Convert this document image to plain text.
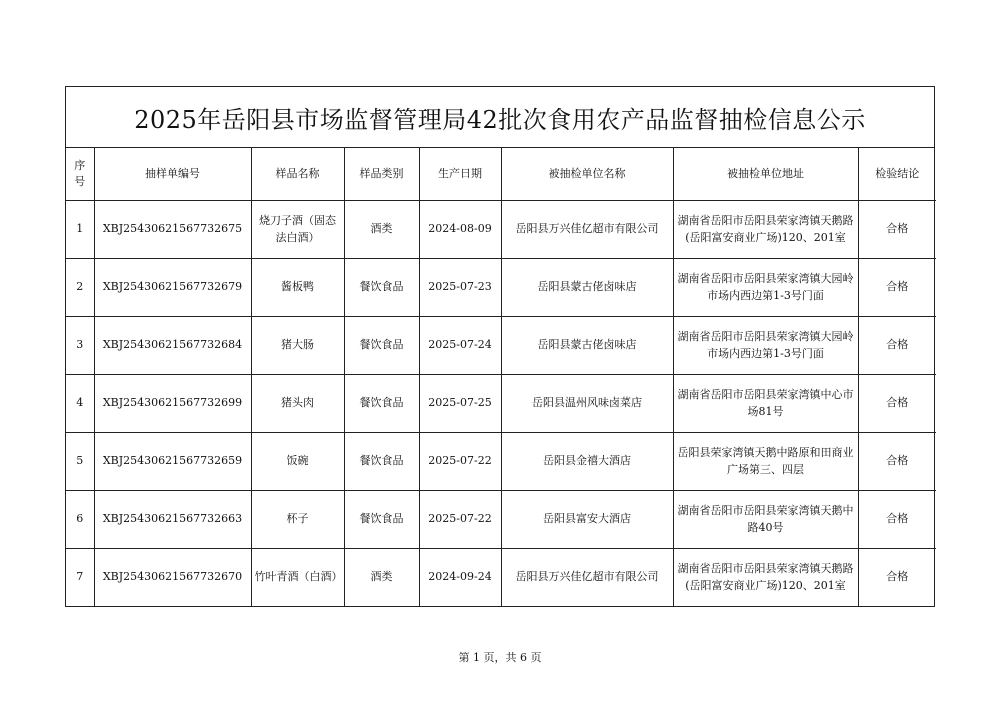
2025年岳阳县市场监督管理局42批次食用农产品监督抽检信息公示
序号	抽样单编号	样品名称	样品类别	生产日期	被抽检单位名称	被抽检单位地址	检验结论
1	XBJ25430621567732675	烧刀子酒（固态法白酒）	酒类	2024-08-09	岳阳县万兴佳亿超市有限公司	湖南省岳阳市岳阳县荣家湾镇天鹅路(岳阳富安商业广场)120、201室	合格
2	XBJ25430621567732679	酱板鸭	餐饮食品	2025-07-23	岳阳县蒙古佬卤味店	湖南省岳阳市岳阳县荣家湾镇大园岭市场内西边第1-3号门面	合格
3	XBJ25430621567732684	猪大肠	餐饮食品	2025-07-24	岳阳县蒙古佬卤味店	湖南省岳阳市岳阳县荣家湾镇大园岭市场内西边第1-3号门面	合格
4	XBJ25430621567732699	猪头肉	餐饮食品	2025-07-25	岳阳县温州风味卤菜店	湖南省岳阳市岳阳县荣家湾镇中心市场81号	合格
5	XBJ25430621567732659	饭碗	餐饮食品	2025-07-22	岳阳县金禧大酒店	岳阳县荣家湾镇天鹅中路原和田商业广场第三、四层	合格
6	XBJ25430621567732663	杯子	餐饮食品	2025-07-22	岳阳县富安大酒店	湖南省岳阳市岳阳县荣家湾镇天鹅中路40号	合格
7	XBJ25430621567732670	竹叶青酒（白酒）	酒类	2024-09-24	岳阳县万兴佳亿超市有限公司	湖南省岳阳市岳阳县荣家湾镇天鹅路(岳阳富安商业广场)120、201室	合格
第 1 页，共 6 页
